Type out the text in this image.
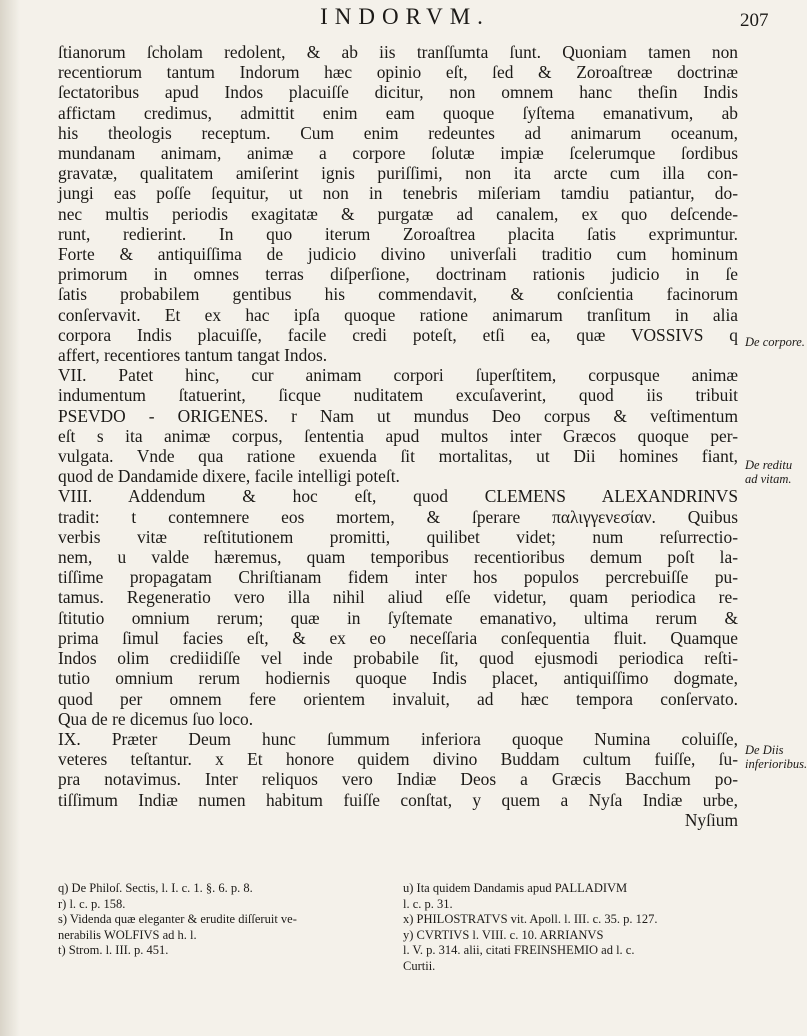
INDORVM.	207

ſtianorum ſcholam redolent, & ab iis tranſſumta ſunt. Quoniam tamen non
recentiorum tantum Indorum hæc opinio eſt, ſed & Zoroaſtreæ doctrinæ
ſectatoribus apud Indos placuiſſe dicitur, non omnem hanc theſin Indis
affictam credimus, admittit enim eam quoque ſyſtema emanativum, ab
his theologis receptum. Cum enim redeuntes ad animarum oceanum,
mundanam animam, animæ a corpore ſolutæ impiæ ſcelerumque ſordibus
gravatæ, qualitatem amiſerint ignis puriſſimi, non ita arcte cum illa con-
jungi eas poſſe ſequitur, ut non in tenebris miſeriam tamdiu patiantur, do-
nec multis periodis exagitatæ & purgatæ ad canalem, ex quo deſcende-
runt, redierint. In quo iterum Zoroaſtrea placita ſatis exprimuntur.
Forte & antiquiſſima de judicio divino univerſali traditio cum hominum
primorum in omnes terras diſperſione, doctrinam rationis judicio in ſe
ſatis probabilem gentibus his commendavit, & conſcientia facinorum
conſervavit. Et ex hac ipſa quoque ratione animarum tranſitum in alia
corpora Indis placuiſſe, facile credi poteſt, etſi ea, quæ VOSSIVS q
affert, recentiores tantum tangat Indos.

VII. Patet hinc, cur animam corpori ſuperſtitem, corpusque animæ
indumentum ſtatuerint, ſicque nuditatem excuſaverint, quod iis tribuit
PSEVDO - ORIGENES. r Nam ut mundus Deo corpus & veſtimentum
eſt s ita animæ corpus, ſententia apud multos inter Græcos quoque per-
vulgata. Vnde qua ratione exuenda ſit mortalitas, ut Dii homines fiant,
quod de Dandamide dixere, facile intelligi poteſt.

VIII. Addendum & hoc eſt, quod CLEMENS ALEXANDRINVS
tradit: t contemnere eos mortem, & ſperare παλιγγενεσίαν. Quibus
verbis vitæ reſtitutionem promitti, quilibet videt; num reſurrectio-
nem, u valde hæremus, quam temporibus recentioribus demum poſt la-
tiſſime propagatam Chriſtianam fidem inter hos populos percrebuiſſe pu-
tamus. Regeneratio vero illa nihil aliud eſſe videtur, quam periodica re-
ſtitutio omnium rerum; quæ in ſyſtemate emanativo, ultima rerum &
prima ſimul facies eſt, & ex eo neceſſaria conſequentia fluit. Quamque
Indos olim crediidiſſe vel inde probabile ſit, quod ejusmodi periodica reſti-
tutio omnium rerum hodiernis quoque Indis placet, antiquiſſimo dogmate,
quod per omnem fere orientem invaluit, ad hæc tempora conſervato.
Qua de re dicemus ſuo loco.

IX. Præter Deum hunc ſummum inferiora quoque Numina coluiſſe,
veteres teſtantur. x Et honore quidem divino Buddam cultum fuiſſe, ſu-
pra notavimus. Inter reliquos vero Indiæ Deos a Græcis Bacchum po-
tiſſimum Indiæ numen habitum fuiſſe conſtat, y quem a Nyſa Indiæ urbe,
Nyſium

De corpore.
De reditu ad vitam.
De Diis inferioribus.
q) De Philoſ. Sectis, l. I. c. 1. §. 6. p. 8.
r) l. c. p. 158.
s) Videnda quæ eleganter & erudite diſſeruit ve-
nerabilis WOLFIVS ad h. l.
t) Strom. l. III. p. 451.
u) Ita quidem Dandamis apud PALLADIVM
l. c. p. 31.
x) PHILOSTRATVS vit. Apoll. l. III. c. 35. p. 127.
y) CVRTIVS l. VIII. c. 10. ARRIANVS
l. V. p. 314. alii, citati FREINSHEMIO ad l. c.
Curtii.
